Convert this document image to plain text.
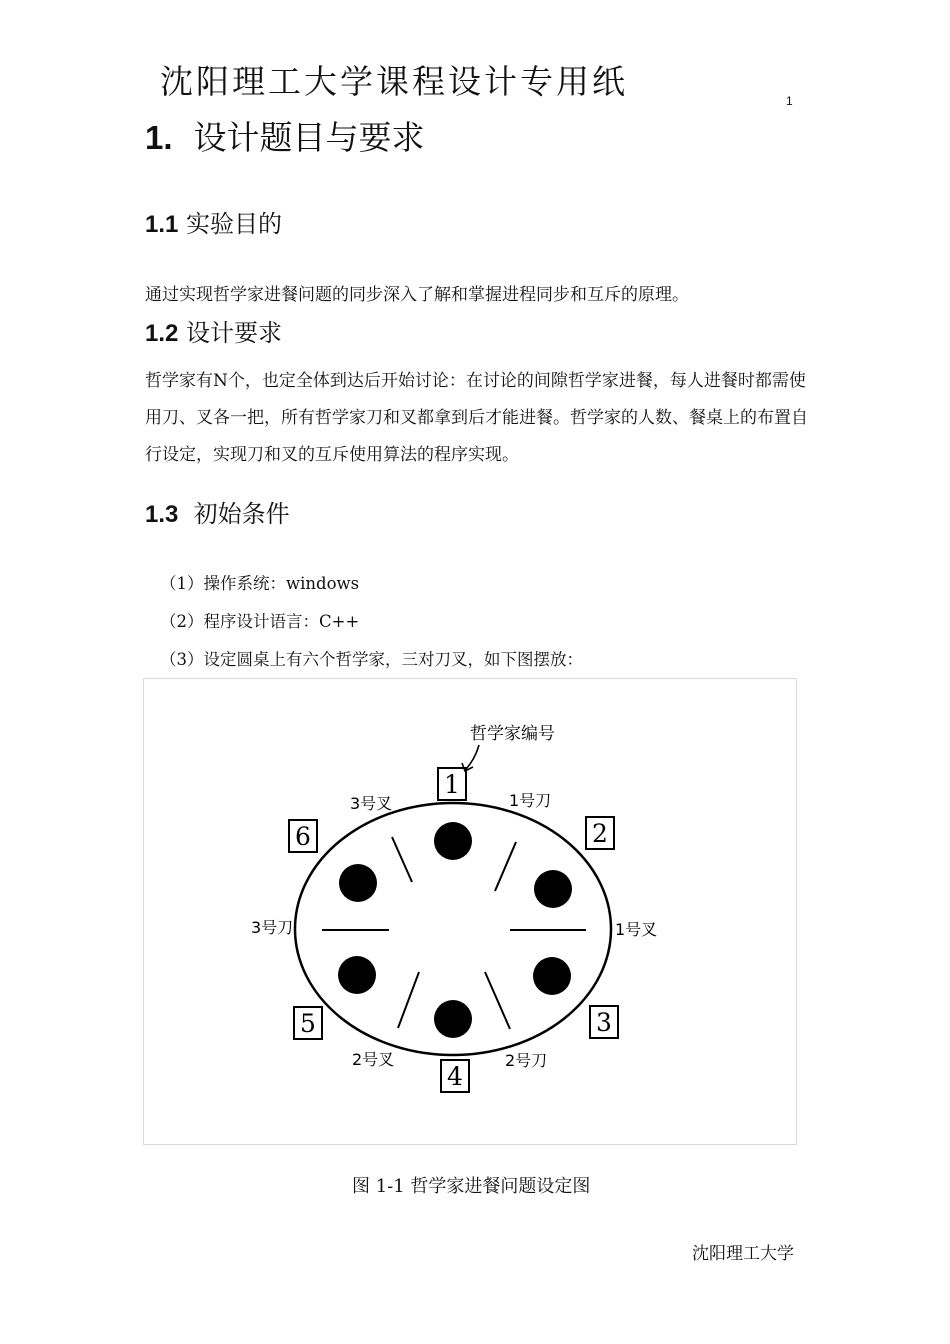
沈阳理工大学课程设计专用纸	1
1. 设计题目与要求
1.1 实验目的
通过实现哲学家进餐问题的同步深入了解和掌握进程同步和互斥的原理。
1.2 设计要求
哲学家有N个，也定全体到达后开始讨论：在讨论的间隙哲学家进餐，每人进餐时都需使用刀、叉各一把，所有哲学家刀和叉都拿到后才能进餐。哲学家的人数、餐桌上的布置自行设定，实现刀和叉的互斥使用算法的程序实现。
1.3 初始条件
（1）操作系统：windows
（2）程序设计语言：C++
（3）设定圆桌上有六个哲学家，三对刀叉，如下图摆放：
1
2
3
4
5
6
哲学家编号
3号叉	1号刀
3号刀	1号叉
2号叉	2号刀
图 1-1 哲学家进餐问题设定图
沈阳理工大学
